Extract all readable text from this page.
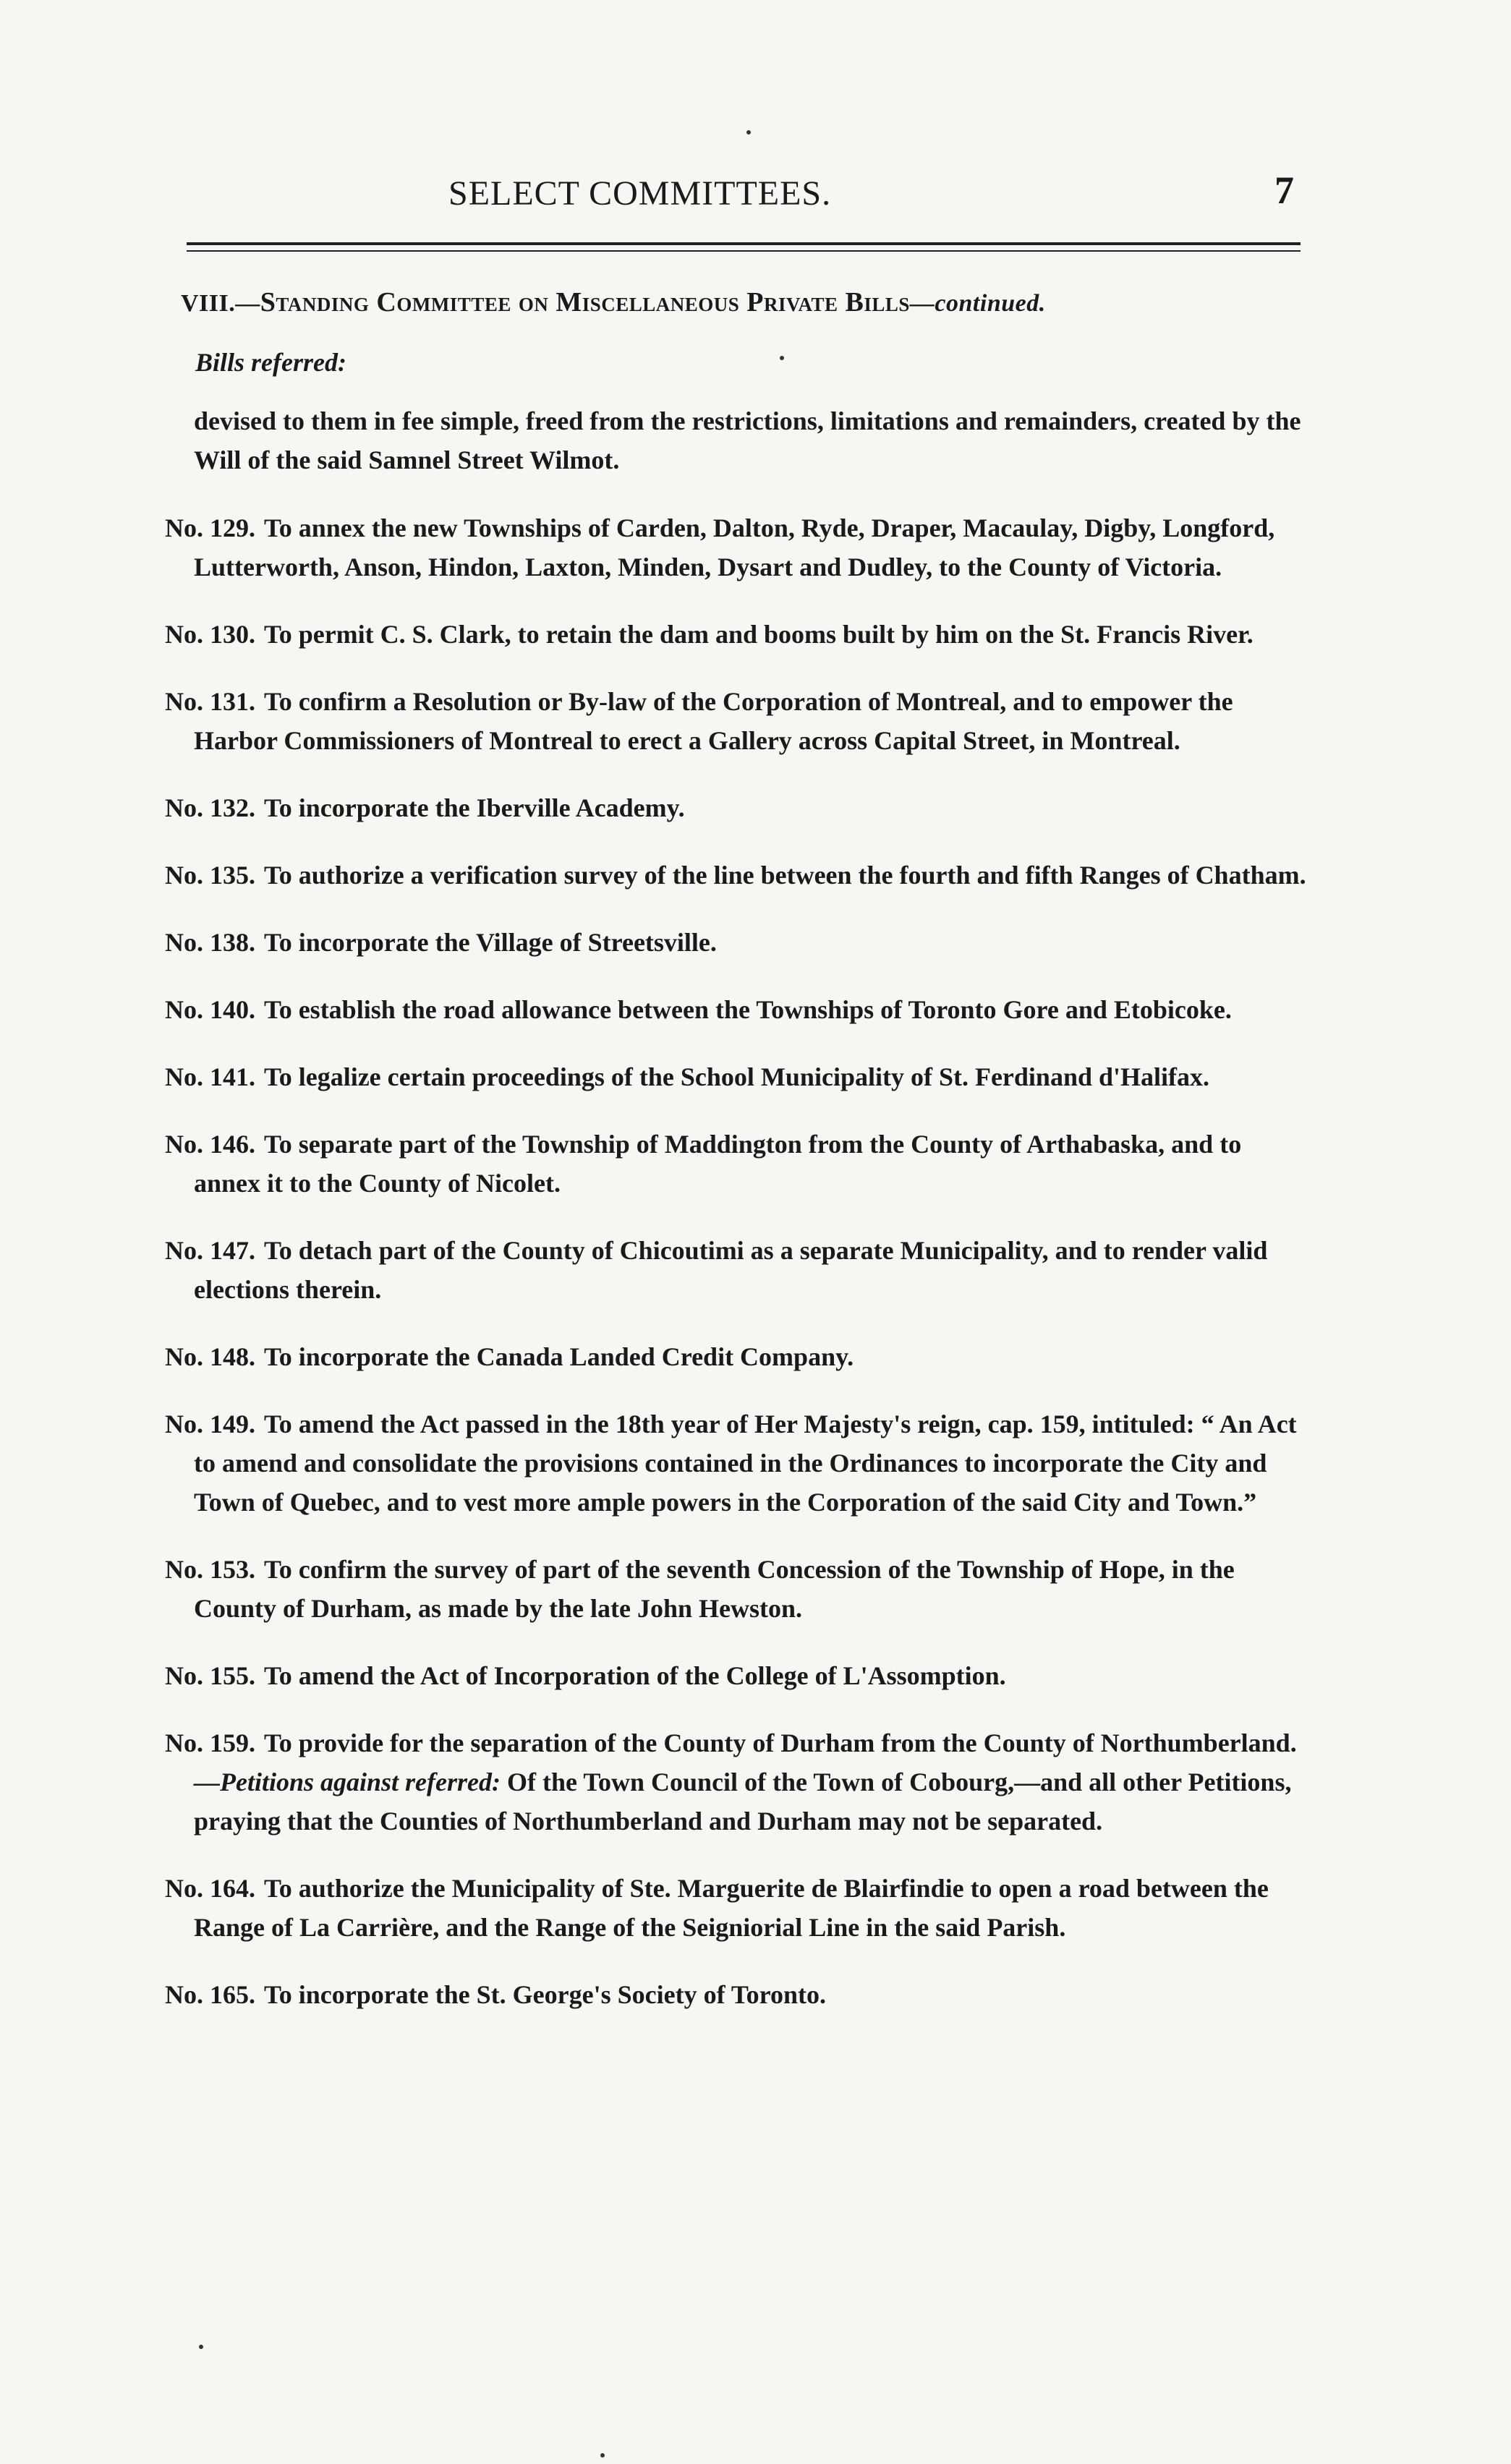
SELECT COMMITTEES.	7
VIII.—Standing Committee on Miscellaneous Private Bills—continued.
Bills referred:
devised to them in fee simple, freed from the restrictions, limitations and remainders, created by the Will of the said Samnel Street Wilmot.
No. 129. To annex the new Townships of Carden, Dalton, Ryde, Draper, Macaulay, Digby, Longford, Lutterworth, Anson, Hindon, Laxton, Minden, Dysart and Dudley, to the County of Victoria.
No. 130. To permit C. S. Clark, to retain the dam and booms built by him on the St. Francis River.
No. 131. To confirm a Resolution or By-law of the Corporation of Montreal, and to empower the Harbor Commissioners of Montreal to erect a Gallery across Capital Street, in Montreal.
No. 132. To incorporate the Iberville Academy.
No. 135. To authorize a verification survey of the line between the fourth and fifth Ranges of Chatham.
No. 138. To incorporate the Village of Streetsville.
No. 140. To establish the road allowance between the Townships of Toronto Gore and Etobicoke.
No. 141. To legalize certain proceedings of the School Municipality of St. Ferdinand d'Halifax.
No. 146. To separate part of the Township of Maddington from the County of Arthabaska, and to annex it to the County of Nicolet.
No. 147. To detach part of the County of Chicoutimi as a separate Municipality, and to render valid elections therein.
No. 148. To incorporate the Canada Landed Credit Company.
No. 149. To amend the Act passed in the 18th year of Her Majesty's reign, cap. 159, intituled: “ An Act to amend and consolidate the provisions contained in the Ordinances to incorporate the City and Town of Quebec, and to vest more ample powers in the Corporation of the said City and Town.”
No. 153. To confirm the survey of part of the seventh Concession of the Township of Hope, in the County of Durham, as made by the late John Hewston.
No. 155. To amend the Act of Incorporation of the College of L'Assomption.
No. 159. To provide for the separation of the County of Durham from the County of Northumberland.—Petitions against referred: Of the Town Council of the Town of Cobourg,—and all other Petitions, praying that the Counties of Northumberland and Durham may not be separated.
No. 164. To authorize the Municipality of Ste. Marguerite de Blairfindie to open a road between the Range of La Carrière, and the Range of the Seigniorial Line in the said Parish.
No. 165. To incorporate the St. George's Society of Toronto.
